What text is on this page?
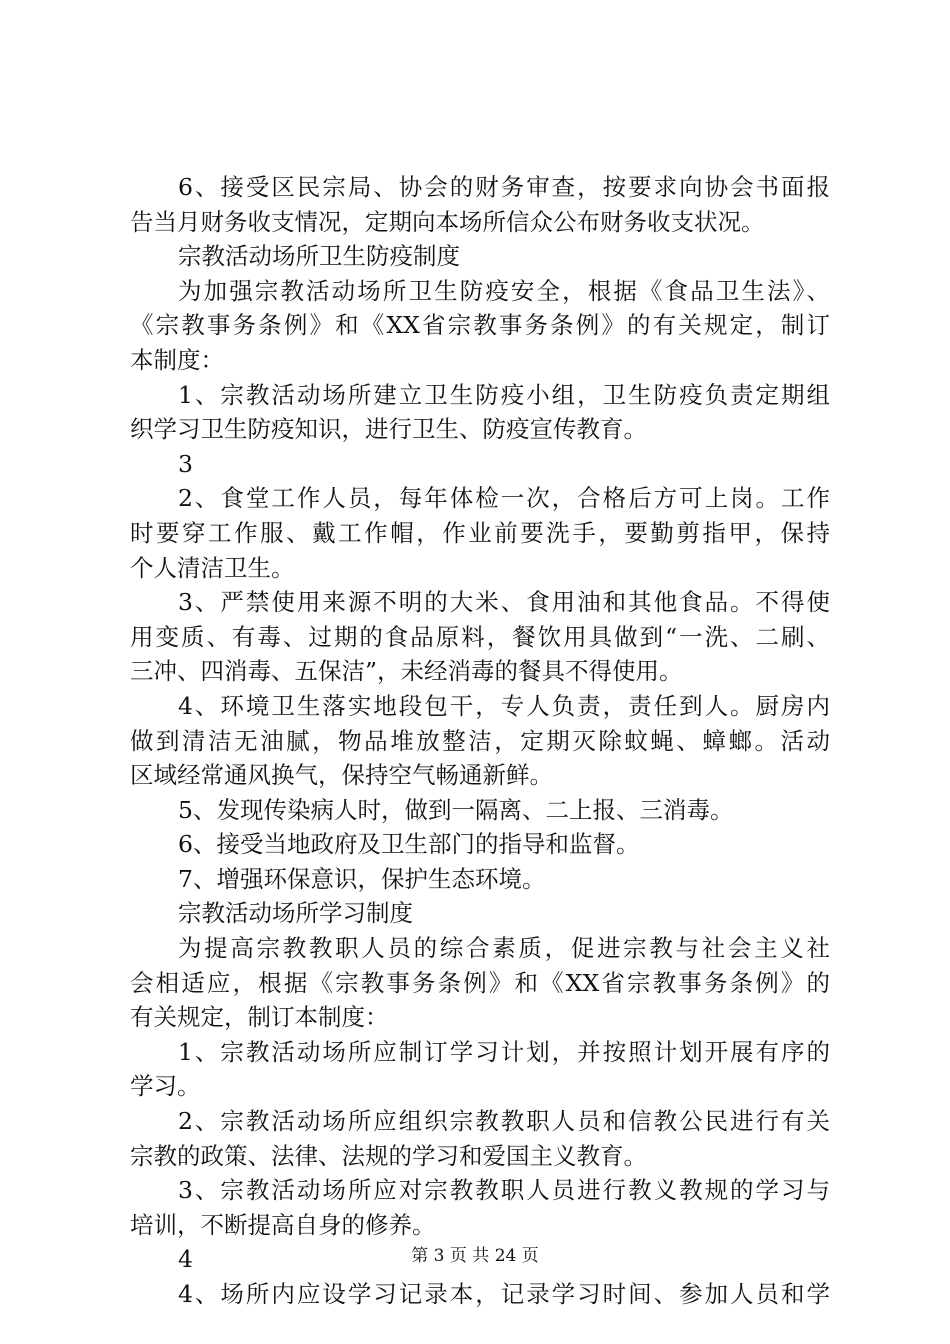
6、接受区民宗局、协会的财务审查，按要求向协会书面报
告当月财务收支情况，定期向本场所信众公布财务收支状况。
宗教活动场所卫生防疫制度
为加强宗教活动场所卫生防疫安全，根据《食品卫生法》、
《宗教事务条例》和《XX省宗教事务条例》的有关规定，制订
本制度：
1、宗教活动场所建立卫生防疫小组，卫生防疫负责定期组
织学习卫生防疫知识，进行卫生、防疫宣传教育。
3
2、食堂工作人员，每年体检一次，合格后方可上岗。工作
时要穿工作服、戴工作帽，作业前要洗手，要勤剪指甲，保持
个人清洁卫生。
3、严禁使用来源不明的大米、食用油和其他食品。不得使
用变质、有毒、过期的食品原料，餐饮用具做到“一洗、二刷、
三冲、四消毒、五保洁”，未经消毒的餐具不得使用。
4、环境卫生落实地段包干，专人负责，责任到人。厨房内
做到清洁无油腻，物品堆放整洁，定期灭除蚊蝇、蟑螂。活动
区域经常通风换气，保持空气畅通新鲜。
5、发现传染病人时，做到一隔离、二上报、三消毒。
6、接受当地政府及卫生部门的指导和监督。
7、增强环保意识，保护生态环境。
宗教活动场所学习制度
为提高宗教教职人员的综合素质，促进宗教与社会主义社
会相适应，根据《宗教事务条例》和《XX省宗教事务条例》的
有关规定，制订本制度：
1、宗教活动场所应制订学习计划，并按照计划开展有序的
学习。
2、宗教活动场所应组织宗教教职人员和信教公民进行有关
宗教的政策、法律、法规的学习和爱国主义教育。
3、宗教活动场所应对宗教教职人员进行教义教规的学习与
培训，不断提高自身的修养。
4
4、场所内应设学习记录本，记录学习时间、参加人员和学
第 3 页 共 24 页
